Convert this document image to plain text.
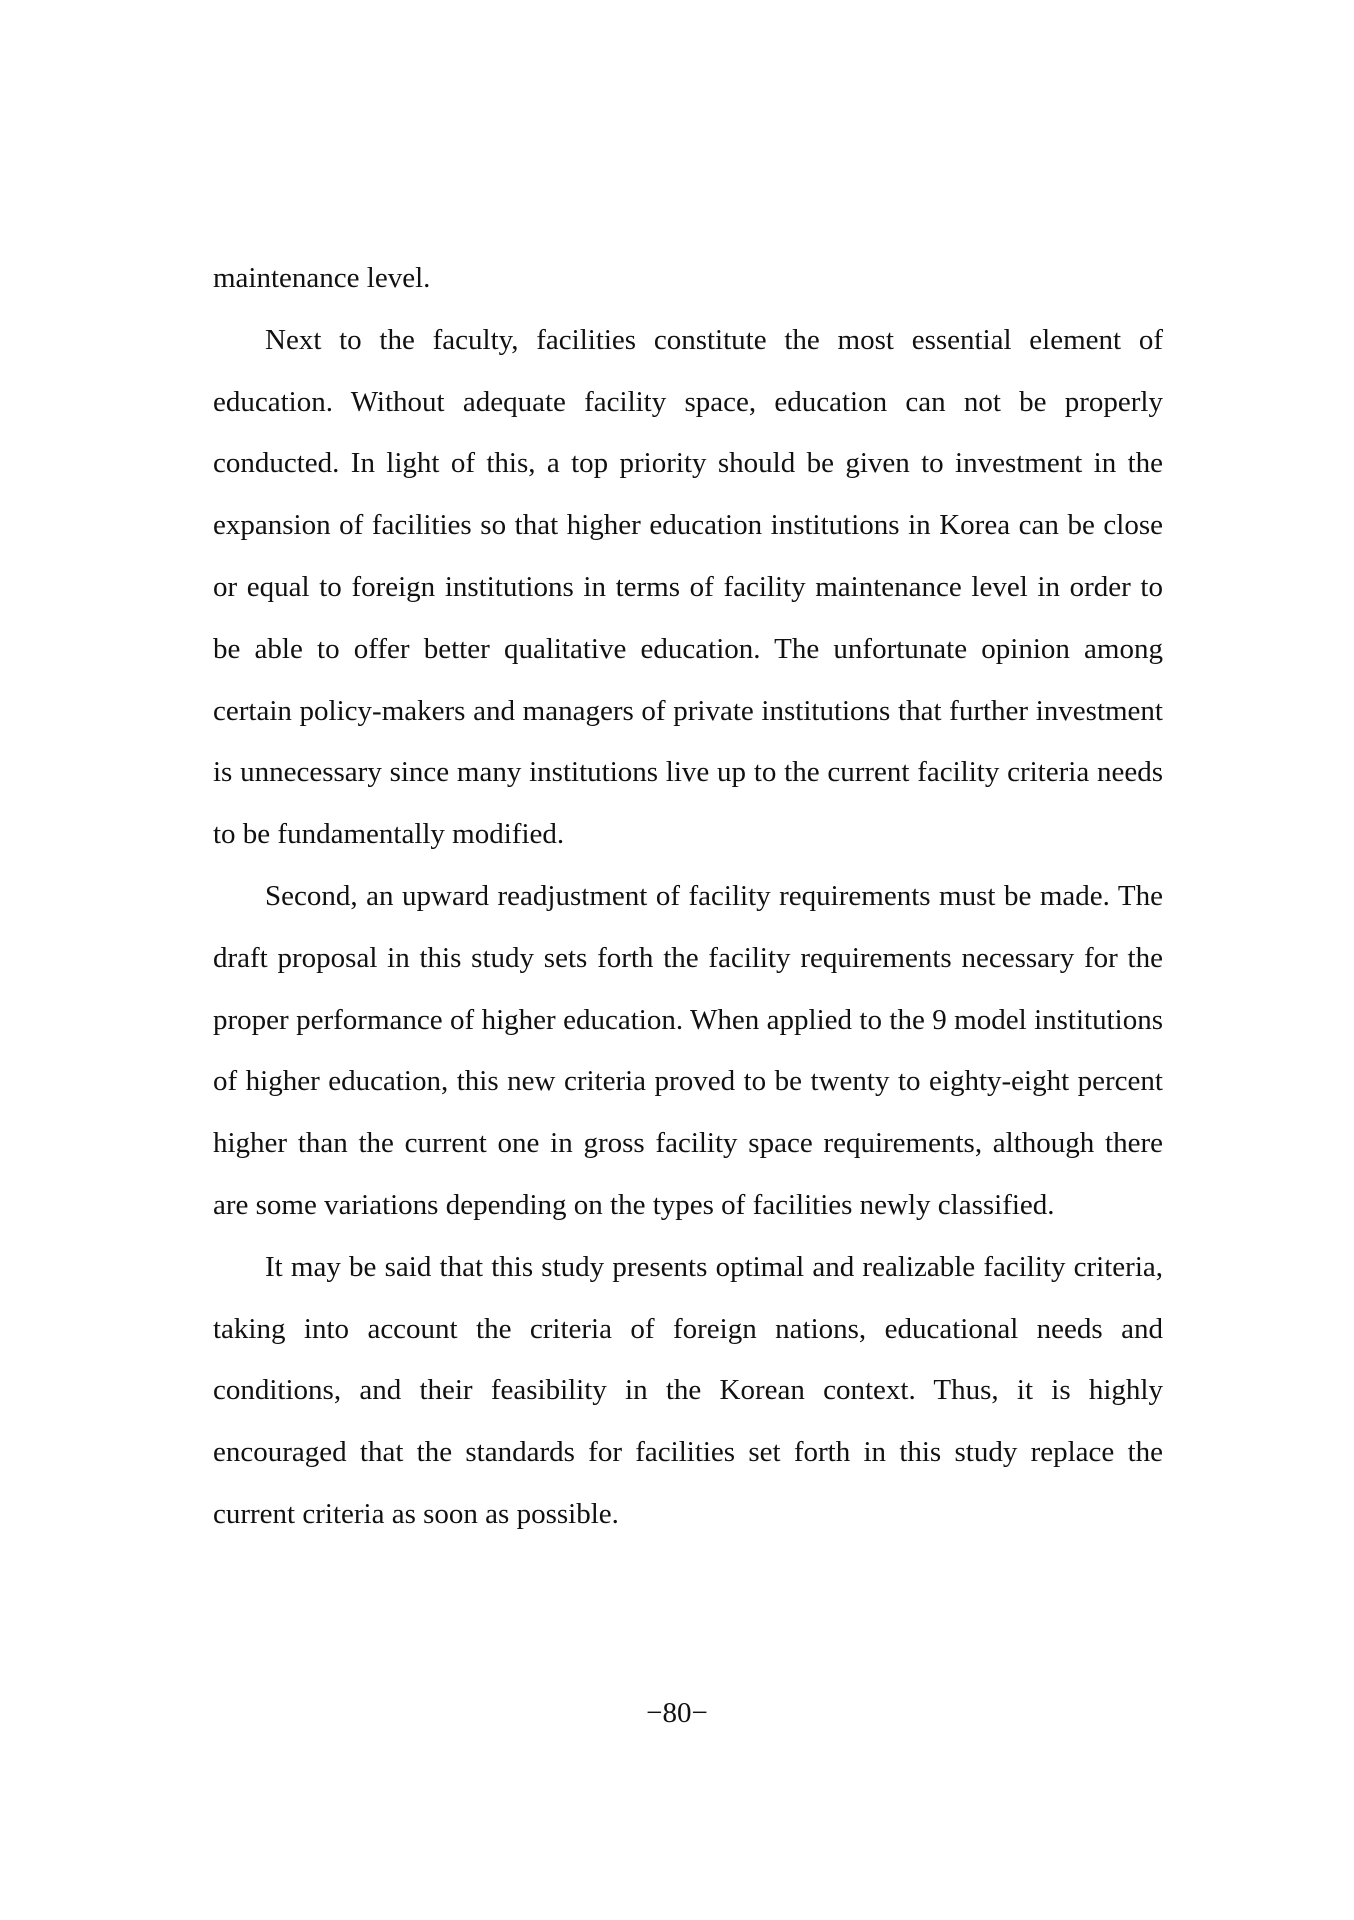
maintenance level.

Next to the faculty, facilities constitute the most essential element of education. Without adequate facility space, education can not be properly conducted. In light of this, a top priority should be given to investment in the expansion of facilities so that higher education institutions in Korea can be close or equal to foreign institutions in terms of facility maintenance level in order to be able to offer better qualitative education. The unfortunate opinion among certain policy-makers and managers of private institutions that further investment is unnecessary since many institutions live up to the current facility criteria needs to be fundamentally modified.

Second, an upward readjustment of facility requirements must be made. The draft proposal in this study sets forth the facility requirements necessary for the proper performance of higher education. When applied to the 9 model institutions of higher education, this new criteria proved to be twenty to eighty-eight percent higher than the current one in gross facility space requirements, although there are some variations depending on the types of facilities newly classified.

It may be said that this study presents optimal and realizable facility criteria, taking into account the criteria of foreign nations, educational needs and conditions, and their feasibility in the Korean context. Thus, it is highly encouraged that the standards for facilities set forth in this study replace the current criteria as soon as possible.

−80−
